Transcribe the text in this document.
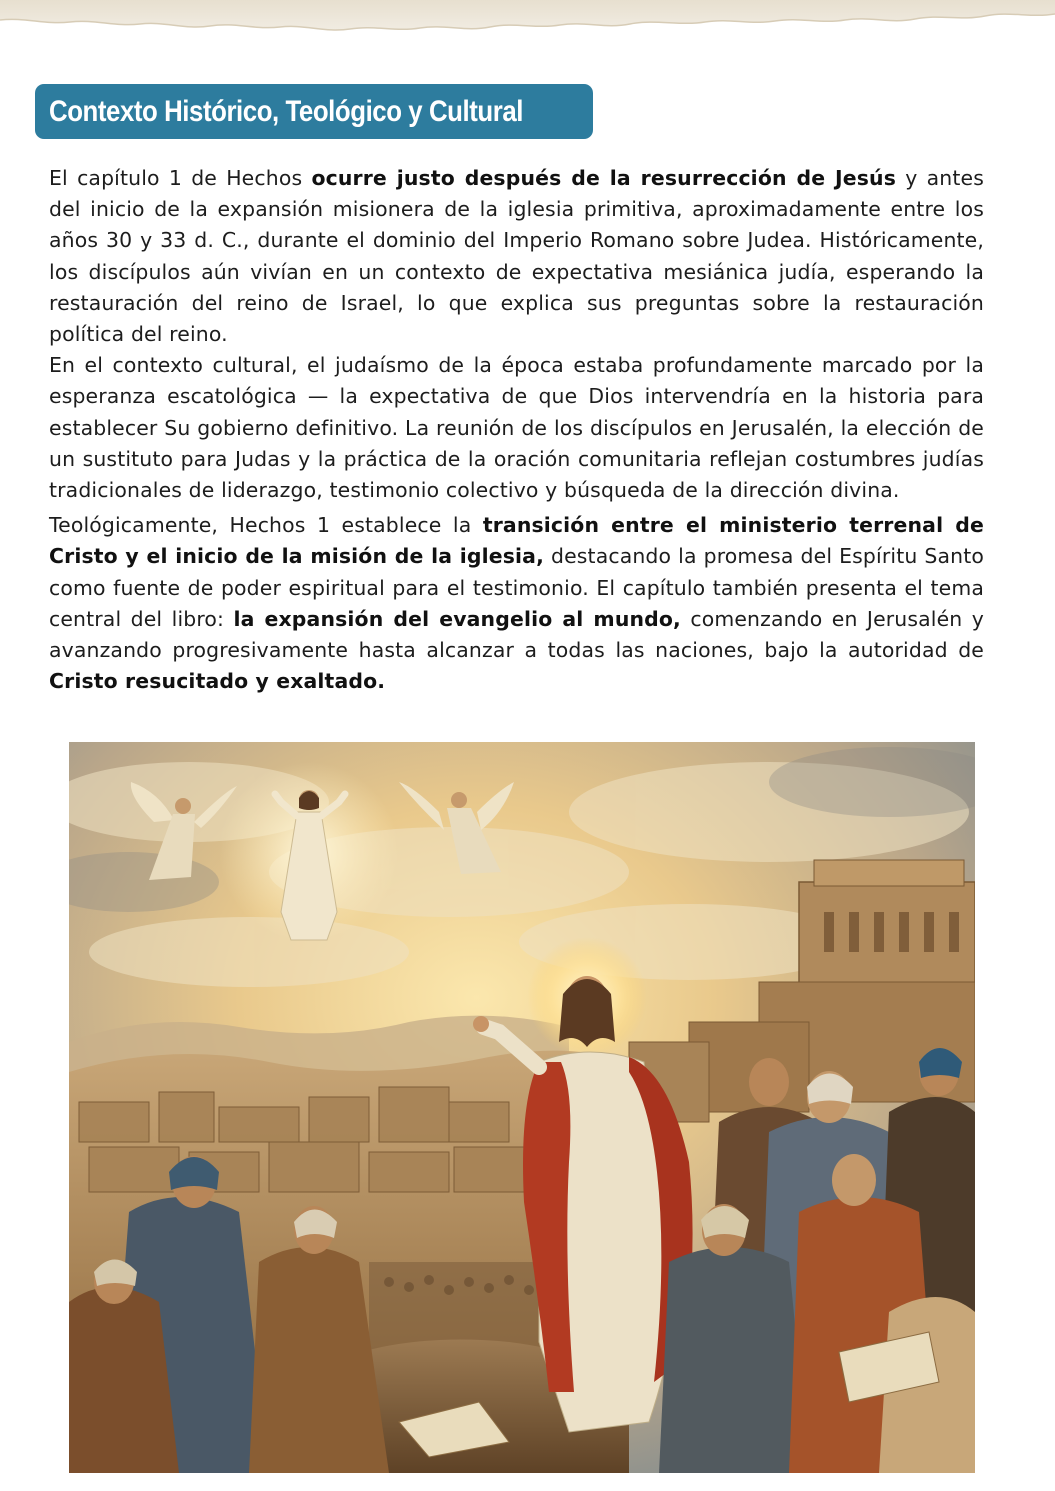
Contexto Histórico, Teológico y Cultural

El capítulo 1 de Hechos ocurre justo después de la resurrección de Jesús y antes del inicio de la expansión misionera de la iglesia primitiva, aproximadamente entre los años 30 y 33 d. C., durante el dominio del Imperio Romano sobre Judea. Históricamente, los discípulos aún vivían en un contexto de expectativa mesiánica judía, esperando la restauración del reino de Israel, lo que explica sus preguntas sobre la restauración política del reino.

En el contexto cultural, el judaísmo de la época estaba profundamente marcado por la esperanza escatológica — la expectativa de que Dios intervendría en la historia para establecer Su gobierno definitivo. La reunión de los discípulos en Jerusalén, la elección de un sustituto para Judas y la práctica de la oración comunitaria reflejan costumbres judías tradicionales de liderazgo, testimonio colectivo y búsqueda de la dirección divina.

Teológicamente, Hechos 1 establece la transición entre el ministerio terrenal de Cristo y el inicio de la misión de la iglesia, destacando la promesa del Espíritu Santo como fuente de poder espiritual para el testimonio. El capítulo también presenta el tema central del libro: la expansión del evangelio al mundo, comenzando en Jerusalén y avanzando progresivamente hasta alcanzar a todas las naciones, bajo la autoridad de Cristo resucitado y exaltado.
